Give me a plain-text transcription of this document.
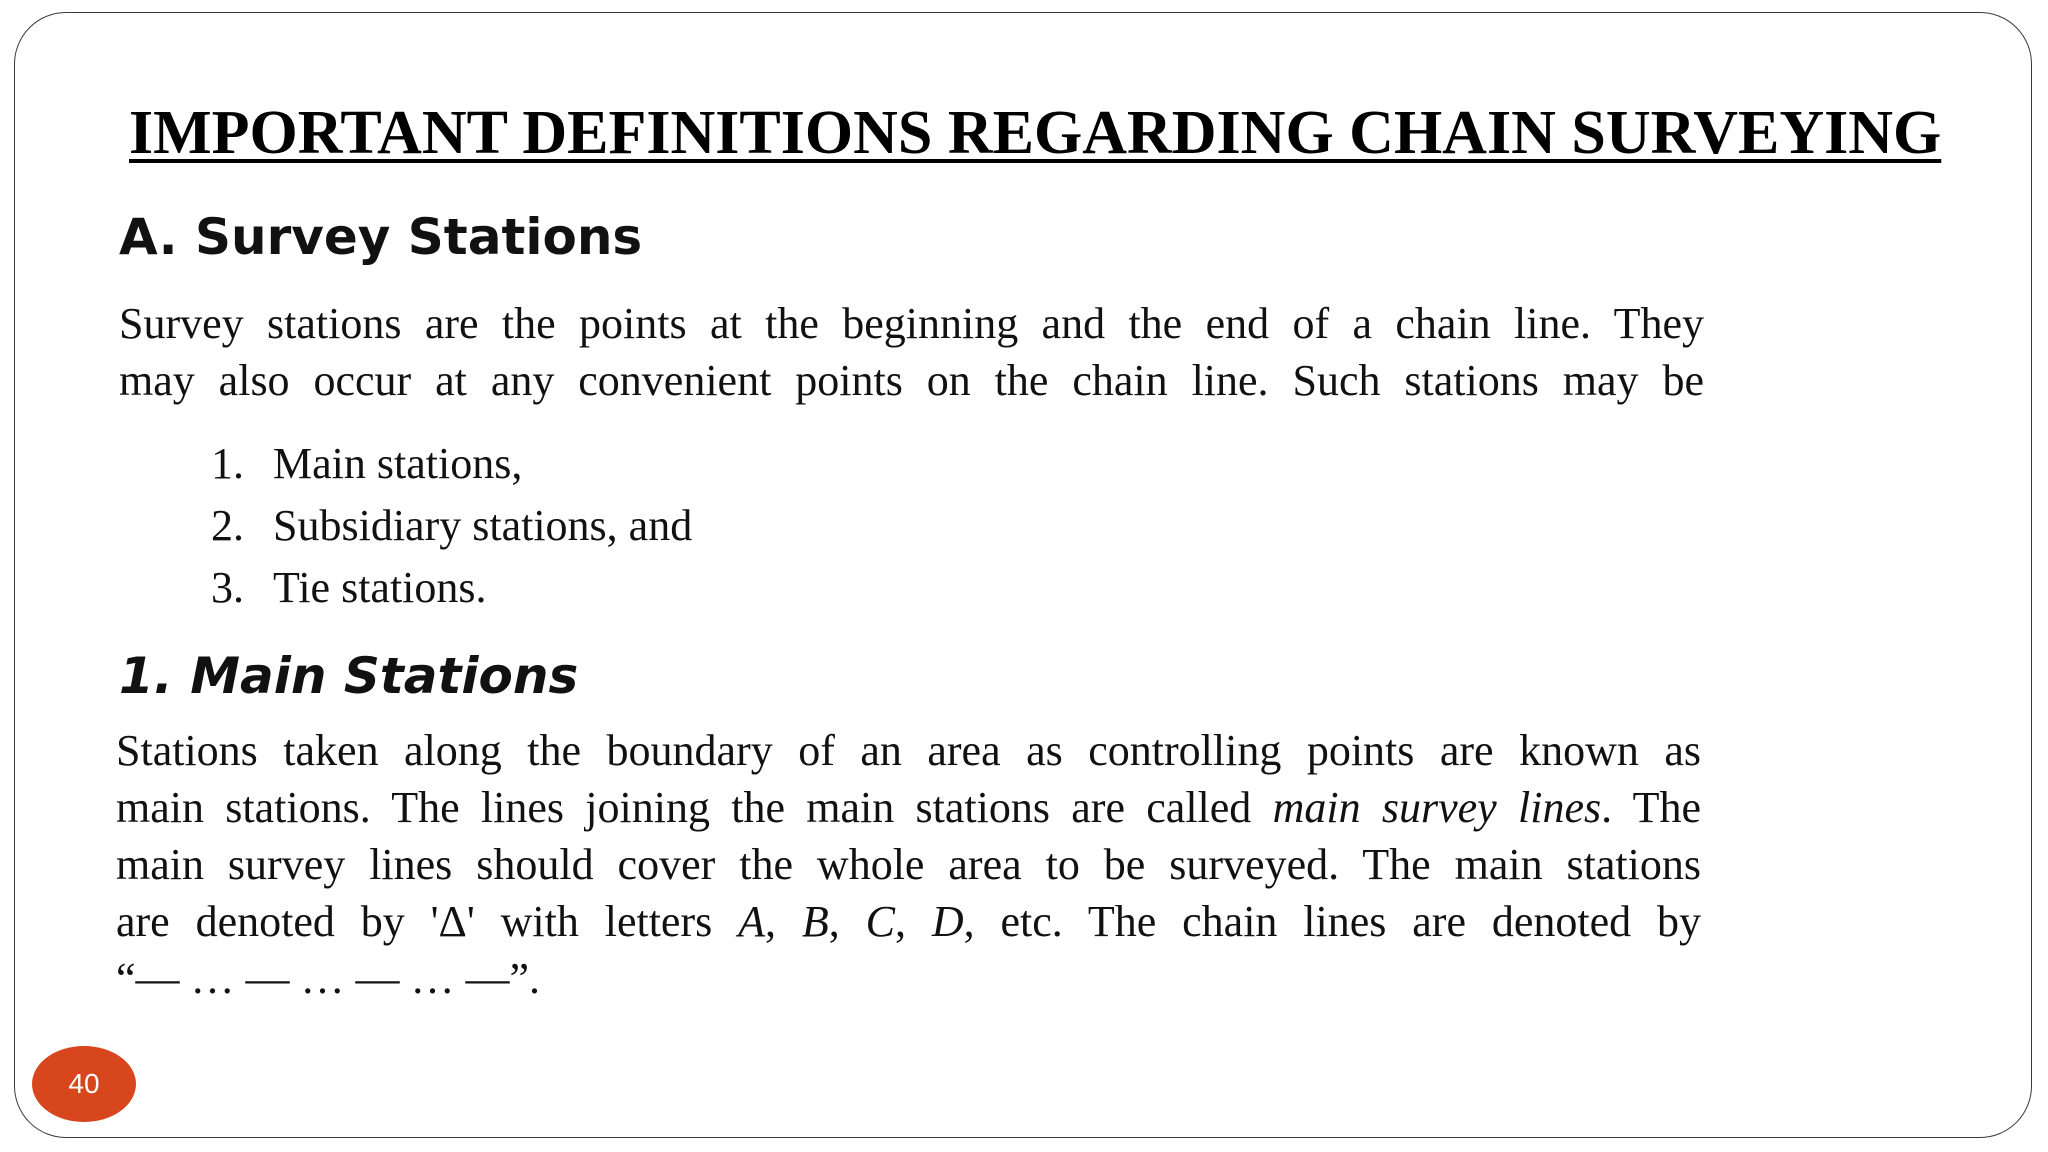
IMPORTANT DEFINITIONS REGARDING CHAIN SURVEYING
A. Survey Stations

Survey stations are the points at the beginning and the end of a chain line. They
may also occur at any convenient points on the chain line. Such stations may be

1. Main stations,
2. Subsidiary stations, and
3. Tie stations.
1. Main Stations

Stations taken along the boundary of an area as controlling points are known as
main stations. The lines joining the main stations are called main survey lines. The
main survey lines should cover the whole area to be surveyed. The main stations
are denoted by 'Δ' with letters A, B, C, D, etc. The chain lines are denoted by
“— … — … — … —”.

40
